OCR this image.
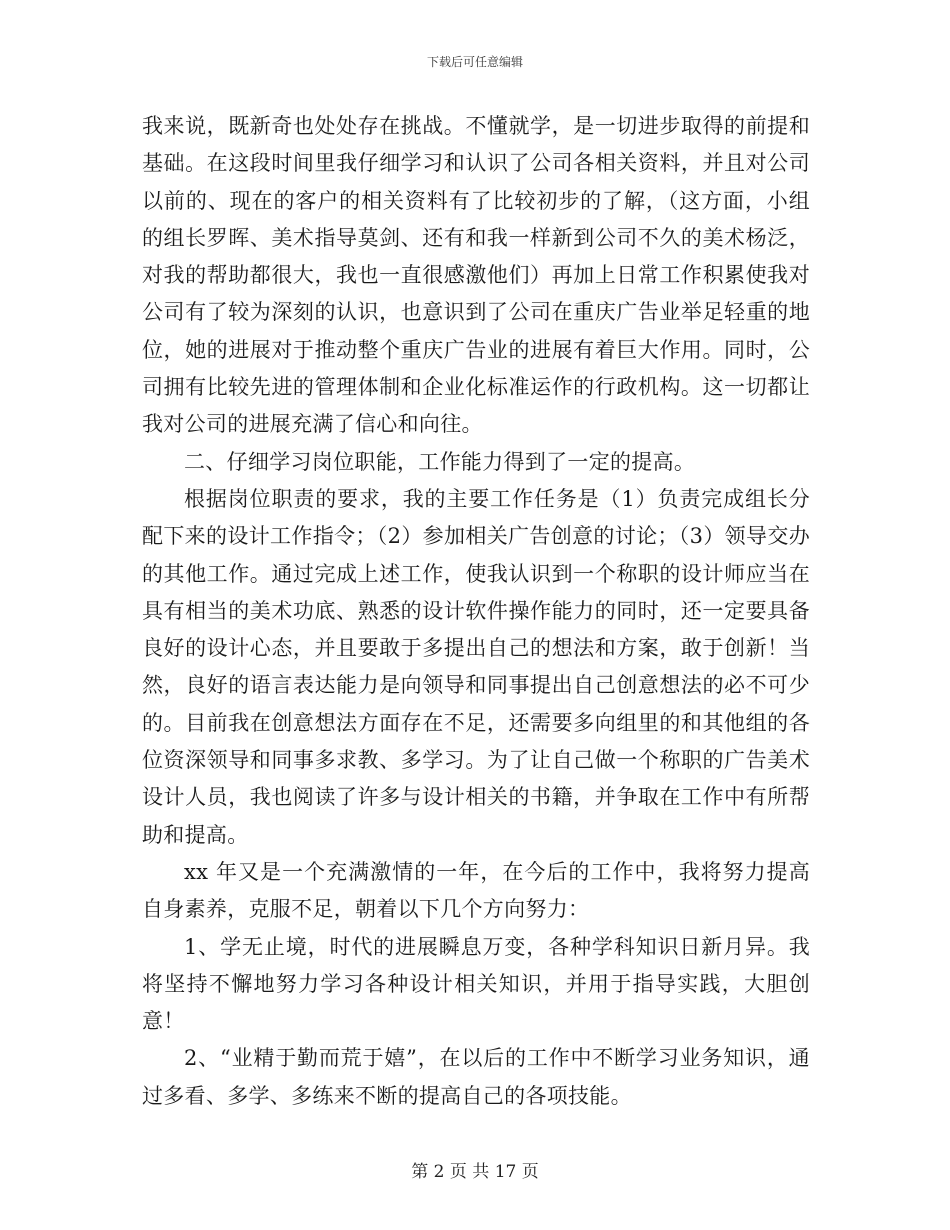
下载后可任意编辑

我来说，既新奇也处处存在挑战。不懂就学，是一切进步取得的前提和基础。在这段时间里我仔细学习和认识了公司各相关资料，并且对公司以前的、现在的客户的相关资料有了比较初步的了解，（这方面，小组的组长罗晖、美术指导莫剑、还有和我一样新到公司不久的美术杨泛，对我的帮助都很大，我也一直很感激他们）再加上日常工作积累使我对公司有了较为深刻的认识，也意识到了公司在重庆广告业举足轻重的地位，她的进展对于推动整个重庆广告业的进展有着巨大作用。同时，公司拥有比较先进的管理体制和企业化标准运作的行政机构。这一切都让我对公司的进展充满了信心和向往。

二、仔细学习岗位职能，工作能力得到了一定的提高。

根据岗位职责的要求，我的主要工作任务是（1）负责完成组长分配下来的设计工作指令；（2）参加相关广告创意的讨论；（3）领导交办的其他工作。通过完成上述工作，使我认识到一个称职的设计师应当在具有相当的美术功底、熟悉的设计软件操作能力的同时，还一定要具备良好的设计心态，并且要敢于多提出自己的想法和方案，敢于创新！当然，良好的语言表达能力是向领导和同事提出自己创意想法的必不可少的。目前我在创意想法方面存在不足，还需要多向组里的和其他组的各位资深领导和同事多求教、多学习。为了让自己做一个称职的广告美术设计人员，我也阅读了许多与设计相关的书籍，并争取在工作中有所帮助和提高。

xx 年又是一个充满激情的一年，在今后的工作中，我将努力提高自身素养，克服不足，朝着以下几个方向努力：

1、学无止境，时代的进展瞬息万变，各种学科知识日新月异。我将坚持不懈地努力学习各种设计相关知识，并用于指导实践，大胆创意！

2、“业精于勤而荒于嬉”，在以后的工作中不断学习业务知识，通过多看、多学、多练来不断的提高自己的各项技能。

第 2 页 共 17 页
